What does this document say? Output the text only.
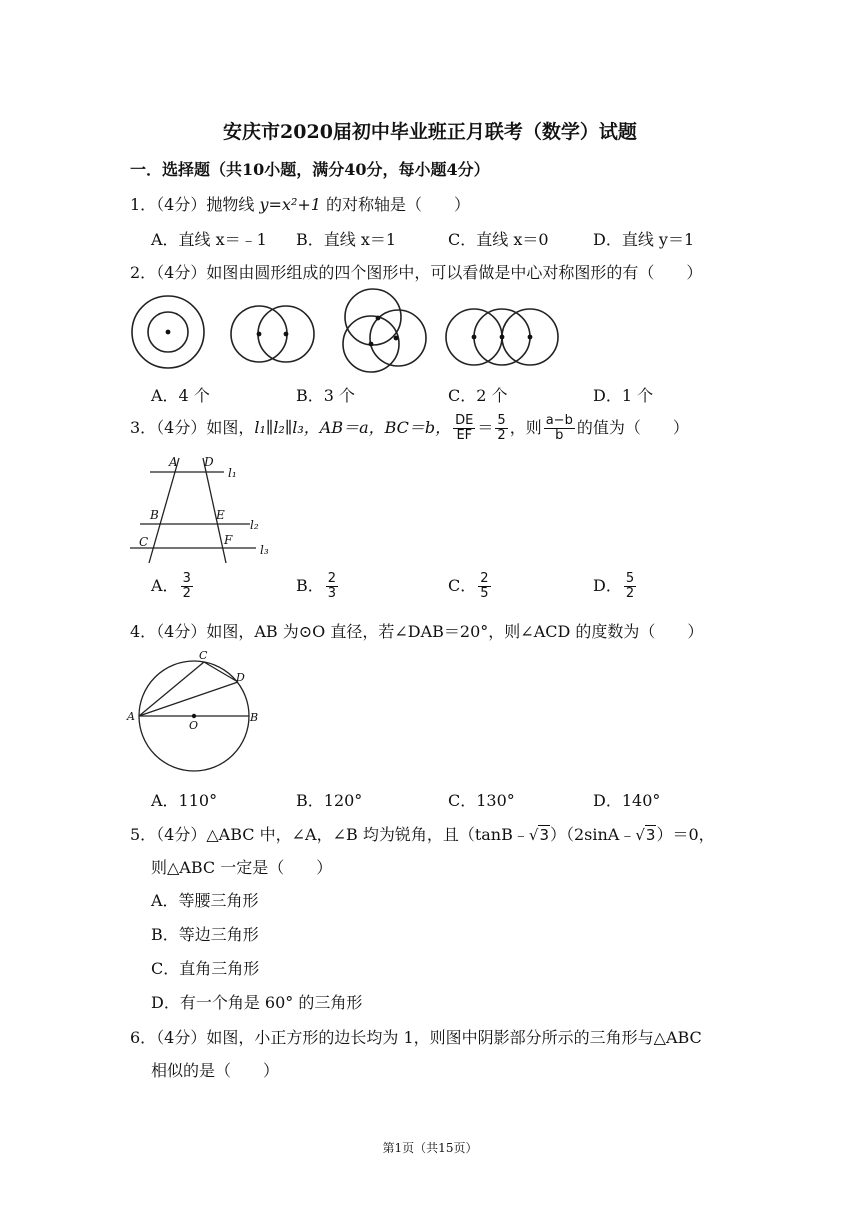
安庆市2020届初中毕业班正月联考（数学）试题
一．选择题（共10小题，满分40分，每小题4分）
1．（4分）抛物线 y=x²+1 的对称轴是（　　）
A．直线 x＝﹣1 B．直线 x＝1	C．直线 x＝0	D．直线 y＝1
2．（4分）如图由圆形组成的四个图形中，可以看做是中心对称图形的有（　　）
A．4 个	B．3 个	C．2 个	D．1 个
3．（4分）如图，l₁∥l₂∥l₃，AB＝a，BC＝b， $\frac{DE}{EF} = \frac{5}{2}$ ，则 $\frac{a-b}{b}$ 的值为（　　）
A D
l₁
B	E
l₂
C	F
l₃
A． $\frac{3}{2}$	B． $\frac{2}{3}$	C． $\frac{2}{5}$	D． $\frac{5}{2}$
4．（4分）如图，AB 为⊙O 直径，若∠DAB＝20°，则∠ACD 的度数为（　　）
A	B
C
D
O
A．110°	B．120°	C．130°	D．140°
5．（4分）△ABC 中，∠A，∠B 均为锐角，且（tanB﹣√3）（2sinA﹣√3）＝0，
则△ABC 一定是（　　）
A．等腰三角形
B．等边三角形
C．直角三角形
D．有一个角是 60° 的三角形
6．（4分）如图，小正方形的边长均为 1，则图中阴影部分所示的三角形与△ABC
相似的是（　　）
第1页（共15页）
